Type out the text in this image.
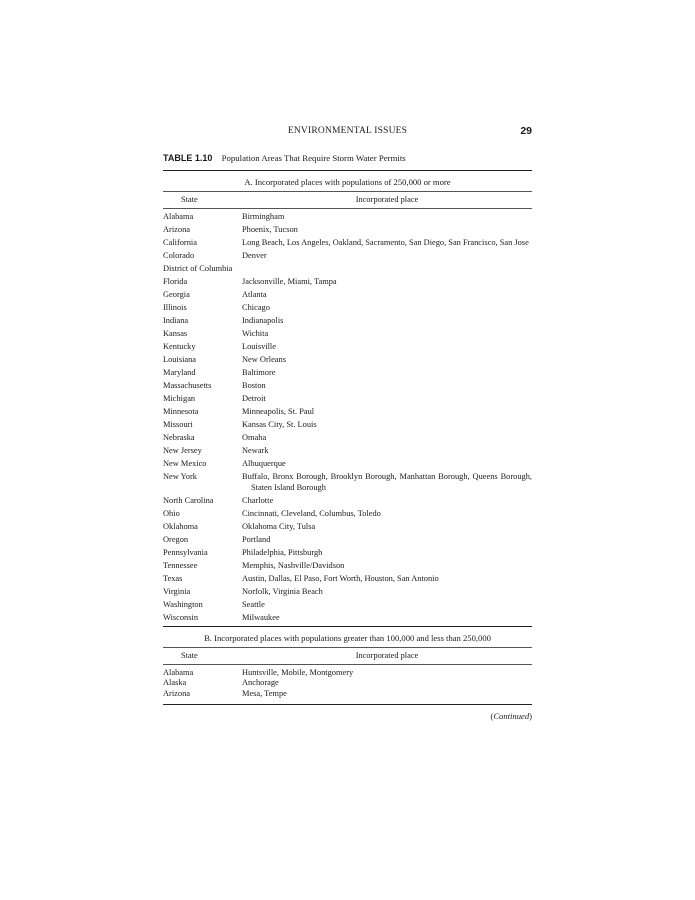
ENVIRONMENTAL ISSUES	29
TABLE 1.10 Population Areas That Require Storm Water Permits
A. Incorporated places with populations of 250,000 or more
State	Incorporated place
Alabama	Birmingham
Arizona	Phoenix, Tucson
California	Long Beach, Los Angeles, Oakland, Sacramento, San Diego, San Francisco, San Jose
Colorado	Denver
District of Columbia
Florida	Jacksonville, Miami, Tampa
Georgia	Atlanta
Illinois	Chicago
Indiana	Indianapolis
Kansas	Wichita
Kentucky	Louisville
Louisiana	New Orleans
Maryland	Baltimore
Massachusetts	Boston
Michigan	Detroit
Minnesota	Minneapolis, St. Paul
Missouri	Kansas City, St. Louis
Nebraska	Omaha
New Jersey	Newark
New Mexico	Albuquerque
New York	Buffalo, Bronx Borough, Brooklyn Borough, Manhattan Borough, Queens Borough, Staten Island Borough
North Carolina	Charlotte
Ohio	Cincinnati, Cleveland, Columbus, Toledo
Oklahoma	Oklahoma City, Tulsa
Oregon	Portland
Pennsylvania	Philadelphia, Pittsburgh
Tennessee	Memphis, Nashville/Davidson
Texas	Austin, Dallas, El Paso, Fort Worth, Houston, San Antonio
Virginia	Norfolk, Virginia Beach
Washington	Seattle
Wisconsin	Milwaukee
B. Incorporated places with populations greater than 100,000 and less than 250,000
State	Incorporated place
Alabama	Huntsville, Mobile, Montgomery
Alaska	Anchorage
Arizona	Mesa, Tempe
(Continued)
